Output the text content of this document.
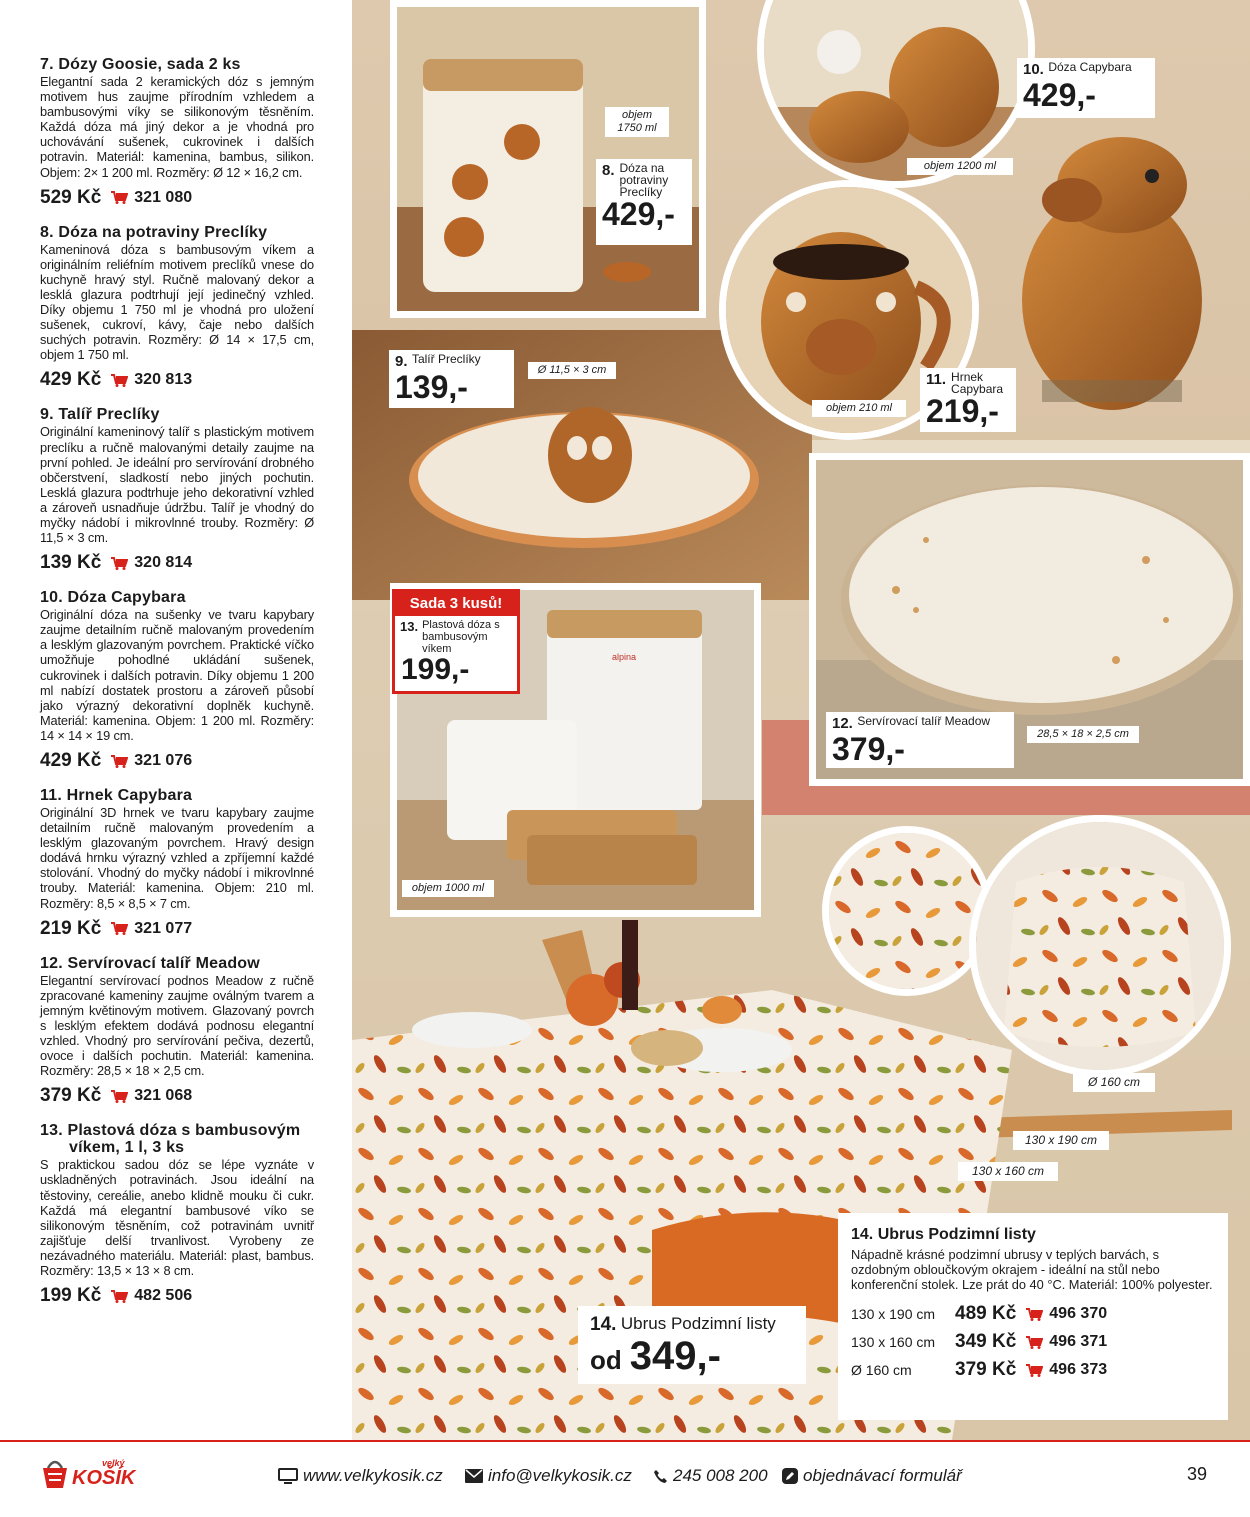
7. Dózy Goosie, sada 2 ks

Elegantní sada 2 keramických dóz s jemným motivem hus zaujme přírodním vzhledem a bambusovými víky se silikonovým těsněním. Každá dóza má jiný dekor a je vhodná pro uchovávání sušenek, cukrovinek i dalších potravin. Materiál: kamenina, bambus, silikon. Objem: 2× 1 200 ml. Rozměry: Ø 12 × 16,2 cm.

529 Kč 321 080
8. Dóza na potraviny Preclíky

Kameninová dóza s bambusovým víkem a originálním reliéfním motivem preclíků vnese do kuchyně hravý styl. Ručně malovaný dekor a lesklá glazura podtrhují její jedinečný vzhled. Díky objemu 1 750 ml je vhodná pro uložení sušenek, cukroví, kávy, čaje nebo dalších suchých potravin. Rozměry: Ø 14 × 17,5 cm, objem 1 750 ml.

429 Kč 320 813
9. Talíř Preclíky

Originální kameninový talíř s plastickým motivem preclíku a ručně malovanými detaily zaujme na první pohled. Je ideální pro servírování drobného občerstvení, sladkostí nebo jiných pochutin. Lesklá glazura podtrhuje jeho dekorativní vzhled a zároveň usnadňuje údržbu. Talíř je vhodný do myčky nádobí i mikrovlnné trouby. Rozměry: Ø 11,5 × 3 cm.

139 Kč 320 814
10. Dóza Capybara

Originální dóza na sušenky ve tvaru kapybary zaujme detailním ručně malovaným provedením a lesklým glazovaným povrchem. Praktické víčko umožňuje pohodlné ukládání sušenek, cukrovinek i dalších potravin. Díky objemu 1 200 ml nabízí dostatek prostoru a zároveň působí jako výrazný dekorativní doplněk kuchyně. Materiál: kamenina. Objem: 1 200 ml. Rozměry: 14 × 14 × 19 cm.

429 Kč 321 076
11. Hrnek Capybara

Originální 3D hrnek ve tvaru kapybary zaujme detailním ručně malovaným provedením a lesklým glazovaným povrchem. Hravý design dodává hrnku výrazný vzhled a zpříjemní každé stolování. Vhodný do myčky nádobí i mikrovlnné trouby. Materiál: kamenina. Objem: 210 ml. Rozměry: 8,5 × 8,5 × 7 cm.

219 Kč 321 077
12. Servírovací talíř Meadow

Elegantní servírovací podnos Meadow z ručně zpracované kameniny zaujme oválným tvarem a jemným květinovým motivem. Glazovaný povrch s lesklým efektem dodává podnosu elegantní vzhled. Vhodný pro servírování pečiva, dezertů, ovoce i dalších pochutin. Materiál: kamenina. Rozměry: 28,5 × 18 × 2,5 cm.

379 Kč 321 068
13. Plastová dóza s bambusovým víkem, 1 l, 3 ks

S praktickou sadou dóz se lépe vyznáte v uskladněných potravinách. Jsou ideální na těstoviny, cereálie, anebo klidně mouku či cukr. Každá má elegantní bambusové víko se silikonovým těsněním, což potravinám uvnitř zajišťuje delší trvanlivost. Vyrobeny ze nezávadného materiálu. Materiál: plast, bambus. Rozměry: 13,5 × 13 × 8 cm.

199 Kč 482 506
alpina
10. $^{Dóza Capybara}$
429,-
8. Dóza na potraviny Preclíky
429,-
9. $^{Talíř Preclíky}$
139,-	11. Hrnek Capybara
219,-
12. $^{Servírovací talíř Meadow}$
379,-
Sada 3 kusů!
13. Plastová dóza s bambusovým víkem
199,-
14. Ubrus Podzimní listy
od 349,-
objem 1750 ml
objem 1200 ml
Ø 11,5 × 3 cm
objem 210 ml
28,5 × 18 × 2,5 cm
objem 1000 ml
Ø 160 cm
130 x 190 cm
130 x 160 cm
14. Ubrus Podzimní listy
Nápadně krásné podzimní ubrusy v teplých barvách, s ozdobným obloučkovým okrajem - ideální na stůl nebo konferenční stolek. Lze prát do 40 °C. Materiál: 100% polyester.
130 x 190 cm	489 Kč 496 370
130 x 160 cm	349 Kč 496 371
Ø 160 cm	379 Kč 496 373
velký
KOŠÍK	www.velkykosik.cz	info@velkykosik.cz 245 008 200 objednávací formulář	39
